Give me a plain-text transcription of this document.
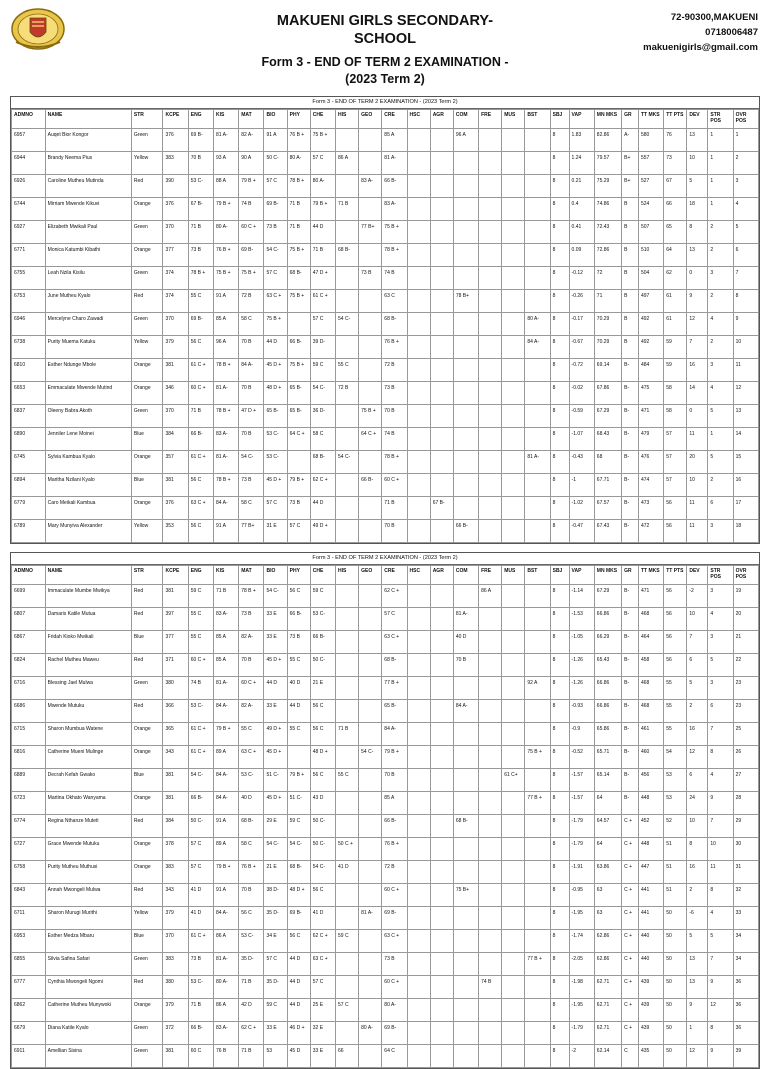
MAKUENI GIRLS SECONDARY-
SCHOOL
Form 3 - END OF TERM 2 EXAMINATION -
(2023 Term 2)
72-90300,MAKUENI
0718006487
makuenigirls@gmail.com
Form 3 - END OF TERM 2 EXAMINATION - (2023 Term 2)
ADMNO	NAME	STR	KCPE	ENG	KIS	MAT	BIO	PHY	CHE	HIS	GEO	CRE	HSC	AGR	COM	FRE	MUS	BST	SBJ	VAP	MN MKS	GR	TT MKS	TT PTS	DEV	STR POS	OVR POS
6957	Auqet Bior Kongor	Green	376	69 B-	81 A-	82 A-	91 A	76 B +	75 B +			85 A			96 A				8	1.83	82.86	A-	580	76	13	1	1
6944	Brandy Neema Pius	Yellow	383	70 B	93 A	90 A	50 C-	80 A-	57 C	86 A		81 A-							8	1.24	79.57	B+	557	73	10	1	2
6926	Caroline Mutheu Mutinda	Red	390	53 C-	88 A	79 B +	57 C	78 B +	80 A-		83 A-	66 B-							8	0.21	75.29	B+	527	67	5	1	3
6744	Mirriam Mwende Kikuvi	Orange	376	67 B-	79 B +	74 B	69 B-	71 B	79 B +	71 B		83 A-							8	0.4	74.86	B	524	66	18	1	4
6927	Elizabeth Mwikali Paul	Green	370	71 B	80 A-	60 C +	73 B	71 B	44 D		77 B+	75 B +							8	0.41	72.43	B	507	65	8	2	5
6771	Monica Katumbi Kibathi	Orange	377	73 B	76 B +	69 B-	54 C-	75 B +	71 B	68 B-		78 B +							8	0.09	72.86	B	510	64	13	2	6
6755	Leah Nzila Kisilu	Green	374	78 B +	75 B +	75 B +	57 C	68 B-	47 D +		73 B	74 B							8	-0.12	72	B	504	62	0	3	7
6753	June Mutheu Kyalo	Red	374	55 C	91 A	72 B	63 C +	75 B +	61 C +			63 C			78 B+				8	-0.26	71	B	497	61	9	2	8
6946	Mercelyne Charo Zawadi	Green	370	69 B-	85 A	58 C	75 B +		57 C	54 C-		68 B-						80 A-	8	-0.17	70.29	B	492	61	12	4	9
6738	Purity Muema Katuku	Yellow	379	56 C	96 A	70 B	44 D	66 B-	39 D-			76 B +						84 A-	8	-0.67	70.29	B	492	59	7	2	10
6810	Esther Ndunge Mbole	Orange	381	61 C +	78 B +	84 A-	45 D +	75 B +	59 C	55 C		72 B							8	-0.72	69.14	B-	484	59	16	3	11
6653	Emmaculate Mwende Mutind	Orange	346	60 C +	81 A-	70 B	48 D +	65 B-	54 C-	72 B		73 B							8	-0.02	67.86	B-	475	58	14	4	12
6837	Oleeny Babra Akoth	Green	370	71 B	78 B +	47 D +	65 B-	65 B-	36 D-		75 B +	70 B							8	-0.59	67.29	B-	471	58	0	5	13
6890	Jenniler Lene Moinei	Blue	384	66 B-	83 A-	70 B	53 C-	64 C +	58 C		64 C +	74 B							8	-1.07	68.43	B-	479	57	11	1	14
6745	Sylvia Kambua Kyalo	Orange	357	61 C +	81 A-	54 C-	53 C-		68 B-	54 C-		78 B +						81 A-	8	-0.43	68	B-	476	57	20	5	15
6894	Maritha Nzilani Kyalo	Blue	381	56 C	78 B +	73 B	45 D +	79 B +	62 C +		66 B-	60 C +							8	-1	67.71	B-	474	57	10	2	16
6779	Caro Meikali Kambua	Orange	376	63 C +	84 A-	58 C	57 C	73 B	44 D			71 B		67 B-					8	-1.02	67.57	B-	473	56	11	6	17
6789	Mary Munyiva Alexander	Yellow	353	56 C	91 A	77 B+	31 E	57 C	49 D +			70 B			66 B-				8	-0.47	67.43	B-	472	56	11	3	18
Form 3 - END OF TERM 2 EXAMINATION - (2023 Term 2)
ADMNO	NAME	STR	KCPE	ENG	KIS	MAT	BIO	PHY	CHE	HIS	GEO	CRE	HSC	AGR	COM	FRE	MUS	BST	SBJ	VAP	MN MKS	GR	TT MKS	TT PTS	DEV	STR POS	OVR POS
6699	Immaculate Mumbe Mwikya	Red	381	59 C	71 B	78 B +	54 C-	56 C	59 C			62 C +				86 A			8	-1.14	67.29	B-	471	56	-2	3	19
6807	Damaris Katile Mutua	Red	397	55 C	83 A-	73 B	33 E	66 B-	53 C-			57 C			81 A-				8	-1.53	66.86	B-	468	56	10	4	20
6867	Fridah Kioko Mwikali	Blue	377	55 C	85 A	82 A-	33 E	73 B	66 B-			63 C +			40 D				8	-1.05	66.29	B-	464	56	7	3	21
6824	Rachel Mutheu Maweu	Red	371	60 C +	85 A	70 B	45 D +	55 C	50 C-			68 B-			70 B				8	-1.26	65.43	B-	458	56	6	5	22
6716	Blessing Jael Mulwa	Green	380	74 B	81 A-	60 C +	44 D	40 D	21 E			77 B +						92 A	8	-1.26	66.86	B-	468	55	5	3	23
6686	Mwende Mutuku	Red	366	53 C-	84 A-	82 A-	33 E	44 D	56 C			65 B-			84 A-				8	-0.93	66.86	B-	468	55	2	6	23
6715	Sharon Mumbua Watene	Orange	365	61 C +	79 B +	55 C	49 D +	55 C	56 C	71 B		84 A-							8	-0.9	65.86	B-	461	55	16	7	25
6816	Catherine Mueni Mulinge	Orange	343	61 C +	89 A	63 C +	45 D +		48 D +		54 C-	79 B +						75 B +	8	-0.52	65.71	B-	460	54	12	8	26
6889	Decrah Kefah Gwako	Blue	381	54 C-	84 A-	53 C-	51 C-	79 B +	56 C	55 C		70 B					61 C+		8	-1.57	65.14	B-	456	53	6	4	27
6723	Martina Okhato Wanyama	Orange	381	66 B-	84 A-	40 D	45 D +	51 C-	43 D			85 A						77 B +	8	-1.57	64	B-	448	53	24	9	28
6774	Regina Nthanze Muteti	Red	384	50 C-	91 A	68 B-	29 E	59 C	50 C-			66 B-			68 B-				8	-1.79	64.57	C +	452	52	10	7	29
6727	Grace Mwende Mutuku	Orange	378	57 C	89 A	58 C	54 C-	54 C-	50 C-	50 C +		76 B +							8	-1.79	64	C +	448	51	8	10	30
6758	Purity Mutheu Muthusi	Orange	383	57 C	79 B +	76 B +	21 E	68 B-	54 C-	41 D		72 B							8	-1.91	63.86	C +	447	51	16	11	31
6843	Annah Mwongeli Mulwa	Red	343	41 D	91 A	70 B	38 D-	48 D +	56 C			60 C +			75 B+				8	-0.95	63	C +	441	51	2	8	32
6711	Sharon Murugi Murithi	Yellow	379	41 D	84 A-	56 C	35 D-	69 B-	41 D		81 A-	69 B-							8	-1.95	63	C +	441	50	-6	4	33
6953	Esther Medza Mbaru	Blue	370	61 C +	86 A	53 C-	34 E	56 C	62 C +	59 C		63 C +							8	-1.74	62.86	C +	440	50	5	5	34
6855	Silvia Safina Safari	Green	383	73 B	81 A-	35 D-	57 C	44 D	63 C +			73 B						77 B +	8	-2.05	62.86	C +	440	50	13	7	34
6777	Cynthia Mwongeli Ngomi	Red	380	53 C-	80 A-	71 B	35 D-	44 D	57 C			60 C +				74 B			8	-1.98	62.71	C +	439	50	13	9	36
6862	Catherine Mutheu Munywoki	Orange	379	71 B	86 A	42 D	59 C	44 D	25 E	57 C		80 A-							8	-1.95	62.71	C +	439	50	9	12	36
6679	Diana Katile Kyalo	Green	372	66 B-	83 A-	62 C +	33 E	46 D +	32 E		80 A-	69 B-							8	-1.79	62.71	C +	439	50	1	8	36
6911	Amellian Sisina	Green	381	60 C	76 B	71 B	53	45 D	33 E	66		64 C							8	-2	62.14	C	435	50	12	9	39
